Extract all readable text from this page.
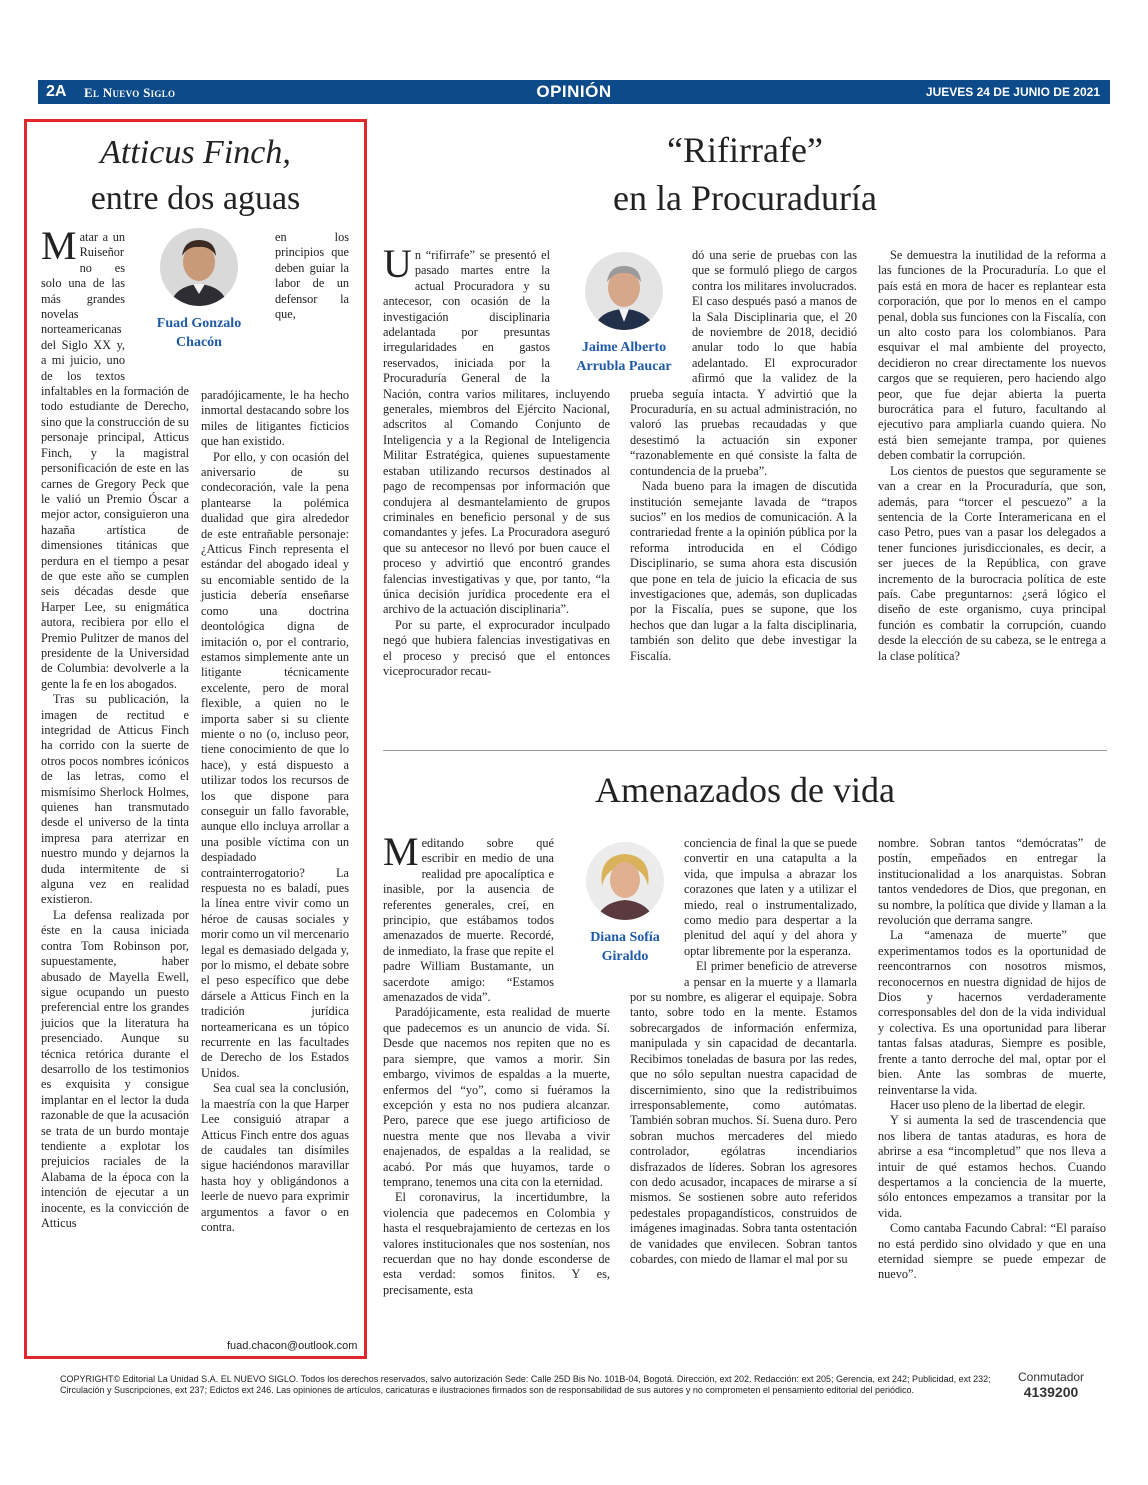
2A El Nuevo Siglo	OPINIÓN	JUEVES 24 DE JUNIO DE 2021
Atticus Finch,
entre dos aguas
Fuad Gonzalo Chacón

Matar a un Ruiseñor no es solo una de las más grandes novelas norteamericanas del Siglo XX y, a mi juicio, uno de los textos infaltables en la formación de todo estudiante de Derecho, sino que la construcción de su personaje principal, Atticus Finch, y la magistral personificación de este en las carnes de Gregory Peck que le valió un Premio Óscar a mejor actor, consiguieron una hazaña artística de dimensiones titánicas que perdura en el tiempo a pesar de que este año se cumplen seis décadas desde que Harper Lee, su enigmática autora, recibiera por ello el Premio Pulitzer de manos del presidente de la Universidad de Columbia: devolverle a la gente la fe en los abogados.

Tras su publicación, la imagen de rectitud e integridad de Atticus Finch ha corrido con la suerte de otros pocos nombres icónicos de las letras, como el mismísimo Sherlock Holmes, quienes han transmutado desde el universo de la tinta impresa para aterrizar en nuestro mundo y dejarnos la duda intermitente de si alguna vez en realidad existieron.

La defensa realizada por éste en la causa iniciada contra Tom Robinson por, supuestamente, haber abusado de Mayella Ewell, sigue ocupando un puesto preferencial entre los grandes juicios que la literatura ha presenciado. Aunque su técnica retórica durante el desarrollo de los testimonios es exquisita y consigue implantar en el lector la duda razonable de que la acusación se trata de un burdo montaje tendiente a explotar los prejuicios raciales de la Alabama de la época con la intención de ejecutar a un inocente, es la convicción de Atticus

en los principios que deben guiar la labor de un defensor la que, paradójicamente, le ha hecho inmortal destacando sobre los miles de litigantes ficticios que han existido.

Por ello, y con ocasión del aniversario de su condecoración, vale la pena plantearse la polémica dualidad que gira alrededor de este entrañable personaje: ¿Atticus Finch representa el estándar del abogado ideal y su encomiable sentido de la justicia debería enseñarse como una doctrina deontológica digna de imitación o, por el contrario, estamos simplemente ante un litigante técnicamente excelente, pero de moral flexible, a quien no le importa saber si su cliente miente o no (o, incluso peor, tiene conocimiento de que lo hace), y está dispuesto a utilizar todos los recursos de los que dispone para conseguir un fallo favorable, aunque ello incluya arrollar a una posible víctima con un despiadado contrainterrogatorio? La respuesta no es baladí, pues la línea entre vivir como un héroe de causas sociales y morir como un vil mercenario legal es demasiado delgada y, por lo mismo, el debate sobre el peso específico que debe dársele a Atticus Finch en la tradición jurídica norteamericana es un tópico recurrente en las facultades de Derecho de los Estados Unidos.

Sea cual sea la conclusión, la maestría con la que Harper Lee consiguió atrapar a Atticus Finch entre dos aguas de caudales tan disímiles sigue haciéndonos maravillar hasta hoy y obligándonos a leerle de nuevo para exprimir argumentos a favor o en contra.

fuad.chacon@outlook.com
“Rifirrafe”
en la Procuraduría
Jaime Alberto Arrubla Paucar

Un “rifirrafe” se presentó el pasado martes entre la actual Procuradora y su antecesor, con ocasión de la investigación disciplinaria adelantada por presuntas irregularidades en gastos reservados, iniciada por la Procuraduría General de la Nación, contra varios militares, incluyendo generales, miembros del Ejército Nacional, adscritos al Comando Conjunto de Inteligencia y a la Regional de Inteligencia Militar Estratégica, quienes supuestamente estaban utilizando recursos destinados al pago de recompensas por información que condujera al desmantelamiento de grupos criminales en beneficio personal y de sus comandantes y jefes. La Procuradora aseguró que su antecesor no llevó por buen cauce el proceso y advirtió que encontró grandes falencias investigativas y que, por tanto, “la única decisión jurídica procedente era el archivo de la actuación disciplinaria”.

Por su parte, el exprocurador inculpado negó que hubiera falencias investigativas en el proceso y precisó que el entonces viceprocurador recau-

dó una serie de pruebas con las que se formuló pliego de cargos contra los militares involucrados. El caso después pasó a manos de la Sala Disciplinaria que, el 20 de noviembre de 2018, decidió anular todo lo que había adelantado. El exprocurador afirmó que la validez de la prueba seguía intacta. Y advirtió que la Procuraduría, en su actual administración, no valoró las pruebas recaudadas y que desestimó la actuación sin exponer “razonablemente en qué consiste la falta de contundencia de la prueba”.

Nada bueno para la imagen de discutida institución semejante lavada de “trapos sucios” en los medios de comunicación. A la contrariedad frente a la opinión pública por la reforma introducida en el Código Disciplinario, se suma ahora esta discusión que pone en tela de juicio la eficacia de sus investigaciones que, además, son duplicadas por la Fiscalía, pues se supone, que los hechos que dan lugar a la falta disciplinaria, también son delito que debe investigar la Fiscalía.

Se demuestra la inutilidad de la reforma a las funciones de la Procuraduría. Lo que el país está en mora de hacer es replantear esta corporación, que por lo menos en el campo penal, dobla sus funciones con la Fiscalía, con un alto costo para los colombianos. Para esquivar el mal ambiente del proyecto, decidieron no crear directamente los nuevos cargos que se requieren, pero haciendo algo peor, que fue dejar abierta la puerta burocrática para el futuro, facultando al ejecutivo para ampliarla cuando quiera. No está bien semejante trampa, por quienes deben combatir la corrupción.

Los cientos de puestos que seguramente se van a crear en la Procuraduría, que son, además, para “torcer el pescuezo” a la sentencia de la Corte Interamericana en el caso Petro, pues van a pasar los delegados a tener funciones jurisdiccionales, es decir, a ser jueces de la República, con grave incremento de la burocracia política de este país. Cabe preguntarnos: ¿será lógico el diseño de este organismo, cuya principal función es combatir la corrupción, cuando desde la elección de su cabeza, se le entrega a la clase política?

Amenazados de vida
Diana Sofía Giraldo

Meditando sobre qué escribir en medio de una realidad pre apocalíptica e inasible, por la ausencia de referentes generales, creí, en principio, que estábamos todos amenazados de muerte. Recordé, de inmediato, la frase que repite el padre William Bustamante, un sacerdote amigo: “Estamos amenazados de vida”.

Paradójicamente, esta realidad de muerte que padecemos es un anuncio de vida. Sí. Desde que nacemos nos repiten que no es para siempre, que vamos a morir. Sin embargo, vivimos de espaldas a la muerte, enfermos del “yo”, como si fuéramos la excepción y esta no nos pudiera alcanzar. Pero, parece que ese juego artificioso de nuestra mente que nos llevaba a vivir enajenados, de espaldas a la realidad, se acabó. Por más que huyamos, tarde o temprano, tenemos una cita con la eternidad.

El coronavirus, la incertidumbre, la violencia que padecemos en Colombia y hasta el resquebrajamiento de certezas en los valores institucionales que nos sostenían, nos recuerdan que no hay donde esconderse de esta verdad: somos finitos. Y es, precisamente, esta

conciencia de final la que se puede convertir en una catapulta a la vida, que impulsa a abrazar los corazones que laten y a utilizar el miedo, real o instrumentalizado, como medio para despertar a la plenitud del aquí y del ahora y optar libremente por la esperanza.

El primer beneficio de atreverse a pensar en la muerte y a llamarla por su nombre, es aligerar el equipaje. Sobra tanto, sobre todo en la mente. Estamos sobrecargados de información enfermiza, manipulada y sin capacidad de decantarla. Recibimos toneladas de basura por las redes, que no sólo sepultan nuestra capacidad de discernimiento, sino que la redistribuimos irresponsablemente, como autómatas. También sobran muchos. Sí. Suena duro. Pero sobran muchos mercaderes del miedo controlador, ególatras incendiarios disfrazados de líderes. Sobran los agresores con dedo acusador, incapaces de mirarse a sí mismos. Se sostienen sobre auto referidos pedestales propagandísticos, construidos de imágenes imaginadas. Sobra tanta ostentación de vanidades que envilecen. Sobran tantos cobardes, con miedo de llamar el mal por su

nombre. Sobran tantos “demócratas” de postín, empeñados en entregar la institucionalidad a los anarquistas. Sobran tantos vendedores de Dios, que pregonan, en su nombre, la política que divide y llaman a la revolución que derrama sangre.

La “amenaza de muerte” que experimentamos todos es la oportunidad de reencontrarnos con nosotros mismos, reconocernos en nuestra dignidad de hijos de Dios y hacernos verdaderamente corresponsables del don de la vida individual y colectiva. Es una oportunidad para liberar tantas falsas ataduras, Siempre es posible, frente a tanto derroche del mal, optar por el bien. Ante las sombras de muerte, reinventarse la vida.

Hacer uso pleno de la libertad de elegir.

Y si aumenta la sed de trascendencia que nos libera de tantas ataduras, es hora de abrirse a esa “incompletud” que nos lleva a intuir de qué estamos hechos. Cuando despertamos a la conciencia de la muerte, sólo entonces empezamos a transitar por la vida.

Como cantaba Facundo Cabral: “El paraíso no está perdido sino olvidado y que en una eternidad siempre se puede empezar de nuevo”.

COPYRIGHT© Editorial La Unidad S.A. EL NUEVO SIGLO. Todos los derechos reservados, salvo autorización Sede: Calle 25D Bis No. 101B-04, Bogotá. Dirección, ext 202. Redacción: ext 205; Gerencia, ext 242; Publicidad, ext 232;
Circulación y Suscripciones, ext 237; Edictos ext 246. Las opiniones de artículos, caricaturas e ilustraciones firmados son de responsabilidad de sus autores y no comprometen el pensamiento editorial del periódico.
Conmutador
4139200
